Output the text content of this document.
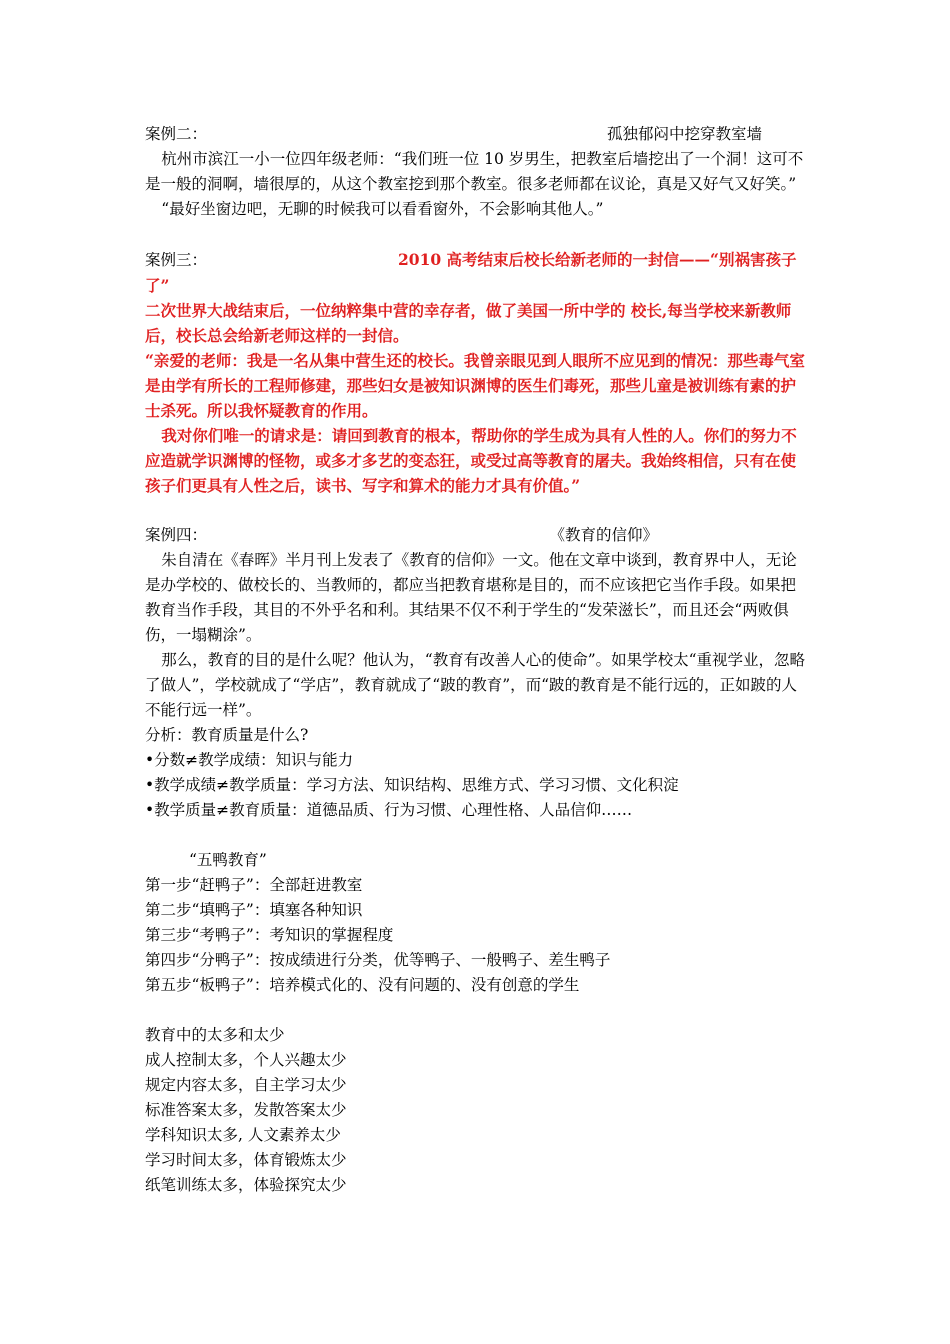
案例二：	孤独郁闷中挖穿教室墙

杭州市滨江一小一位四年级老师：“我们班一位 10 岁男生，把教室后墙挖出了一个洞！这可不是一般的洞啊，墙很厚的，从这个教室挖到那个教室。很多老师都在议论，真是又好气又好笑。”

“最好坐窗边吧，无聊的时候我可以看看窗外，不会影响其他人。”

案例三：	2010 高考结束后校长给新老师的一封信——“别祸害孩子了”

二次世界大战结束后，一位纳粹集中营的幸存者，做了美国一所中学的 校长,每当学校来新教师后，校长总会给新老师这样的一封信。

“亲爱的老师：我是一名从集中营生还的校长。我曾亲眼见到人眼所不应见到的情况：那些毒气室是由学有所长的工程师修建，那些妇女是被知识渊博的医生们毒死，那些儿童是被训练有素的护士杀死。所以我怀疑教育的作用。

我对你们唯一的请求是：请回到教育的根本，帮助你的学生成为具有人性的人。你们的努力不应造就学识渊博的怪物，或多才多艺的变态狂，或受过高等教育的屠夫。我始终相信，只有在使孩子们更具有人性之后，读书、写字和算术的能力才具有价值。”

案例四：	《教育的信仰》

朱自清在《春晖》半月刊上发表了《教育的信仰》一文。他在文章中谈到，教育界中人，无论是办学校的、做校长的、当教师的，都应当把教育堪称是目的，而不应该把它当作手段。如果把教育当作手段，其目的不外乎名和利。其结果不仅不利于学生的“发荣滋长”，而且还会“两败俱伤，一塌糊涂”。

那么，教育的目的是什么呢？他认为，“教育有改善人心的使命”。如果学校太“重视学业，忽略了做人”，学校就成了“学店”，教育就成了“跛的教育”，而“跛的教育是不能行远的，正如跛的人不能行远一样”。

分析：教育质量是什么?

•分数≠教学成绩：知识与能力

•教学成绩≠教学质量：学习方法、知识结构、思维方式、学习习惯、文化积淀

•教学质量≠教育质量：道德品质、行为习惯、心理性格、人品信仰……

“五鸭教育”

第一步“赶鸭子”：全部赶进教室

第二步“填鸭子”：填塞各种知识

第三步“考鸭子”：考知识的掌握程度

第四步“分鸭子”：按成绩进行分类，优等鸭子、一般鸭子、差生鸭子

第五步“板鸭子”：培养模式化的、没有问题的、没有创意的学生

教育中的太多和太少

成人控制太多，个人兴趣太少

规定内容太多，自主学习太少

标准答案太多，发散答案太少

学科知识太多, 人文素养太少

学习时间太多，体育锻炼太少

纸笔训练太多，体验探究太少
